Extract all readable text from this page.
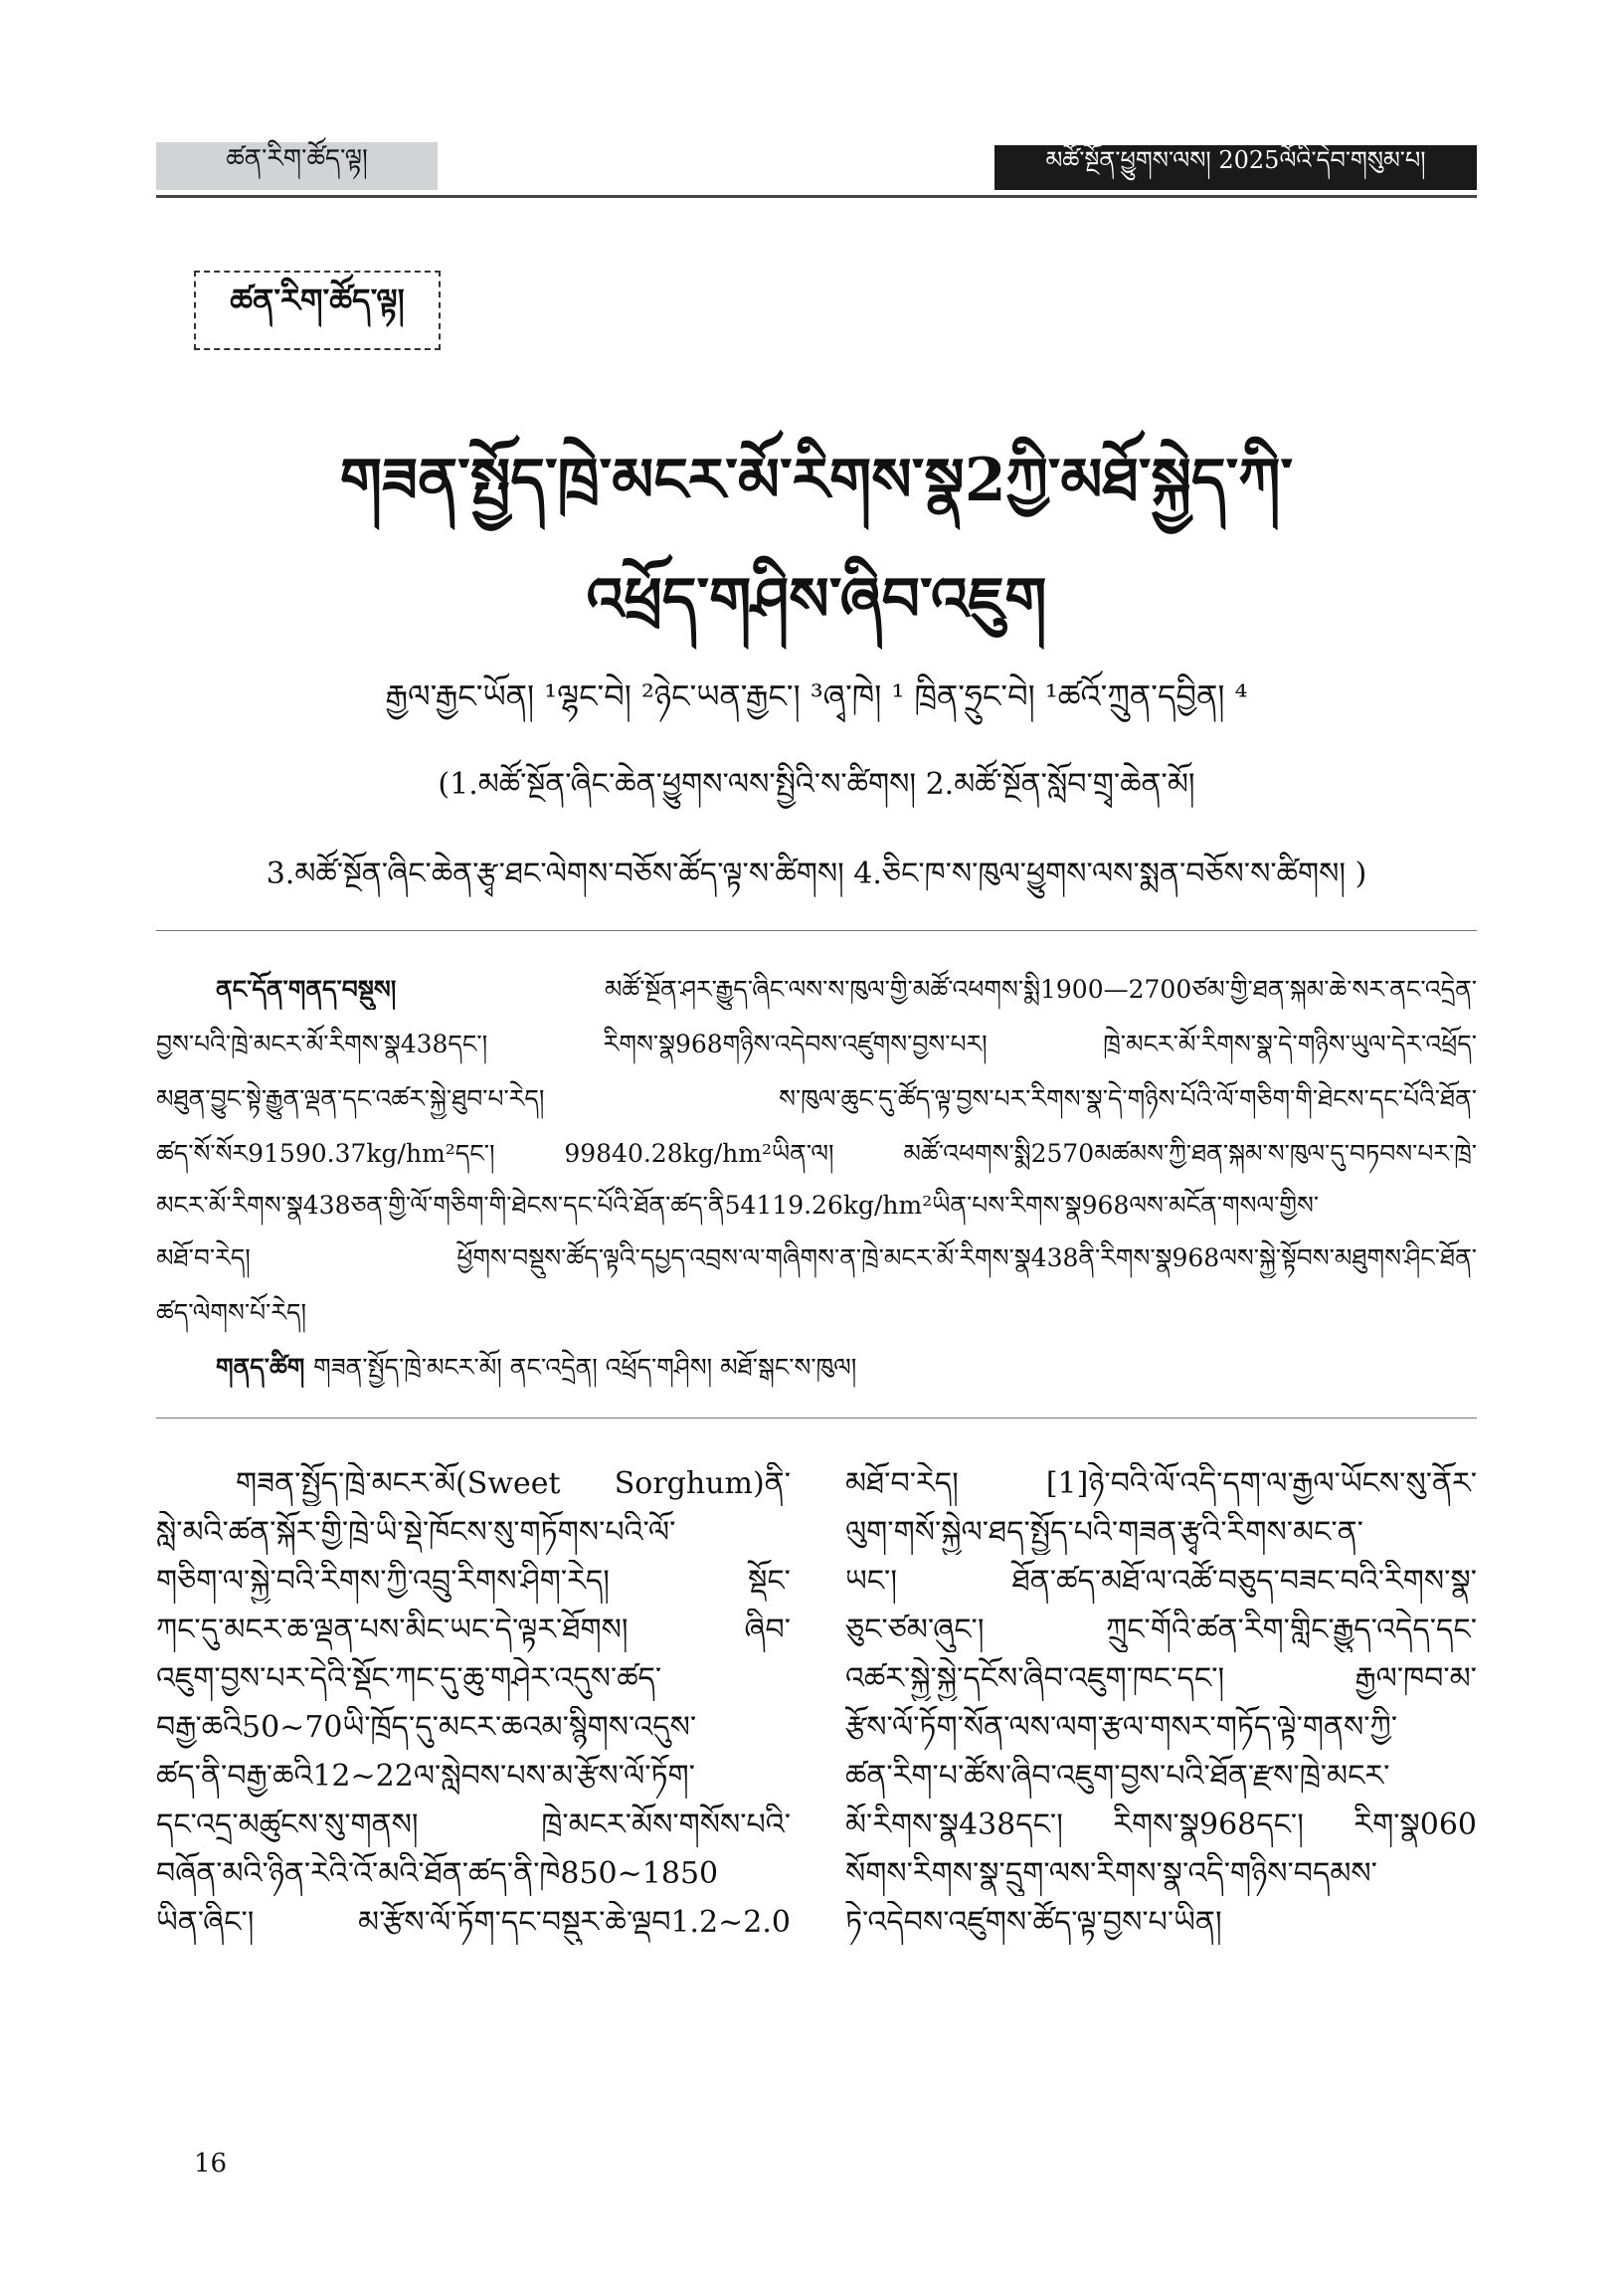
ཚན་རིག་ཚོད་ལྟ།	མཚོ་སྔོན་ཕྱུགས་ལས། 2025ལོའི་དེབ་གསུམ་པ།
ཚན་རིག་ཚོད་ལྟ།
གཟན་སྤྱོད་ཁྲེ་མངར་མོ་རིགས་སྣ2ཀྱི་མཐོ་སྐྱེད་ཀི་
འཕྲོད་གཤིས་ཞིབ་འཇུག
རྒྱལ་རྒྱང་ཡོན། ¹ལྷང་བེ། ²ཉེང་ཡན་རྒྱང་། ³ཞྭ་ཁེ། ¹ ཁྲིན་ཧྲུང་བེ། ¹ཚའོ་ཀྲུན་དབྱིན། ⁴
(1.མཚོ་སྔོན་ཞིང་ཆེན་ཕྱུགས་ལས་སྤྱིའི་ས་ཚིགས། 2.མཚོ་སྔོན་སློབ་གྲྭ་ཆེན་མོ།
3.མཚོ་སྔོན་ཞིང་ཆེན་རྩྭ་ཐང་ལེགས་བཅོས་ཚོད་ལྟ་ས་ཚིགས། 4.ཅིང་ཁ་ས་ཁུལ་ཕྱུགས་ལས་སྨན་བཅོས་ས་ཚིགས། )
ནང་དོན་གནད་བསྡུས། མཚོ་སྔོན་ཤར་རྒྱུད་ཞིང་ལས་ས་ཁུལ་གྱི་མཚོ་འཕགས་སྨི1900—2700ཙམ་གྱི་ཐན་སྐམ་ཆེ་སར་ནང་འདྲེན་
བྱས་པའི་ཁྲེ་མངར་མོ་རིགས་སྣ438དང་། རིགས་སྣ968གཉིས་འདེབས་འཛུགས་བྱས་པར། ཁྲེ་མངར་མོ་རིགས་སྣ་དེ་གཉིས་ཡུལ་དེར་འཕྲོད་
མཐུན་བྱུང་སྟེ་རྒྱུན་ལྡན་དང་འཚར་སྐྱེ་ཐུབ་པ་རེད། ས་ཁུལ་ཆུང་དུ་ཚོད་ལྟ་བྱས་པར་རིགས་སྣ་དེ་གཉིས་པོའི་ལོ་གཅིག་གི་ཐེངས་དང་པོའི་ཐོན་
ཚད་སོ་སོར91590.37kg/hm²དང་། 99840.28kg/hm²ཡིན་ལ། མཚོ་འཕགས་སྨི2570མཚམས་ཀྱི་ཐན་སྐམ་ས་ཁུལ་དུ་བཏབས་པར་ཁྲེ་
མངར་མོ་རིགས་སྣ438ཅན་གྱི་ལོ་གཅིག་གི་ཐེངས་དང་པོའི་ཐོན་ཚད་ནི54119.26kg/hm²ཡིན་པས་རིགས་སྣ968ལས་མངོན་གསལ་གྱིས་
མཐོ་བ་རེད། ཕྱོགས་བསྡུས་ཚོད་ལྟའི་དཔྱད་འབྲས་ལ་གཞིགས་ན་ཁྲེ་མངར་མོ་རིགས་སྣ438ནི་རིགས་སྣ968ལས་སྐྱེ་སྟོབས་མཐུགས་ཤིང་ཐོན་
ཚད་ལེགས་པོ་རེད།
གནད་ཚིག གཟན་སྤྱོད་ཁྲེ་མངར་མོ། ནང་འདྲེན། འཕྲོད་གཤིས། མཐོ་སྒང་ས་ཁུལ།
གཟན་སྤྱོད་ཁྲེ་མངར་མོ(Sweet Sorghum)ནི་
སླེ་མའི་ཚན་སྐོར་གྱི་ཁྲེ་ཡི་སྡེ་ཁོངས་སུ་གཏོགས་པའི་ལོ་
གཅིག་ལ་སྐྱེ་བའི་རིགས་ཀྱི་འབྲུ་རིགས་ཤིག་རེད། སྡོང་
ཀང་དུ་མངར་ཆ་ལྡན་པས་མིང་ཡང་དེ་ལྟར་ཐོགས། ཞིབ་
འཇུག་བྱས་པར་དེའི་སྡོང་ཀང་དུ་ཆུ་གཤེར་འདུས་ཚད་
བརྒྱ་ཆའི50~70ཡི་ཁྲོད་དུ་མངར་ཆའམ་སྙིགས་འདུས་
ཚད་ནི་བརྒྱ་ཆའི12~22ལ་སླེབས་པས་མ་རྩོས་ལོ་ཏོག་
དང་འདྲ་མཚུངས་སུ་གནས། ཁྲེ་མངར་མོས་གསོས་པའི་
བཞོན་མའི་ཉིན་རེའི་འོ་མའི་ཐོན་ཚད་ནི་ཁེ850~1850
ཡིན་ཞིང་། མ་རྩོས་ལོ་ཏོག་དང་བསྡུར་ཆེ་ལྡབ1.2~2.0
མཐོ་བ་རེད། [1]ཉེ་བའི་ལོ་འདི་དག་ལ་རྒྱལ་ཡོངས་སུ་ནོར་
ལུག་གསོ་སྐྱེལ་ཐད་སྤྱོད་པའི་གཟན་རྩྭའི་རིགས་མང་ན་
ཡང་། ཐོན་ཚད་མཐོ་ལ་འཚོ་བཅུད་བཟང་བའི་རིགས་སྣ་
ཅུང་ཙམ་ཞུང་། ཀྲུང་གོའི་ཚན་རིག་གླིང་རྒྱུད་འདེད་དང་
འཚར་སྐྱེ་སྐྱེ་དངོས་ཞིབ་འཇུག་ཁང་དང་། རྒྱལ་ཁབ་མ་
རྩོས་ལོ་ཏོག་སོན་ལས་ལག་རྩལ་གསར་གཏོད་ལྟེ་གནས་ཀྱི་
ཚན་རིག་པ་ཚོས་ཞིབ་འཇུག་བྱས་པའི་ཐོན་རྫས་ཁྲེ་མངར་
མོ་རིགས་སྣ438དང་། རིགས་སྣ968དང་། རིག་སྣ060
སོགས་རིགས་སྣ་དྲུག་ལས་རིགས་སྣ་འདི་གཉིས་བདམས་
ཏེ་འདེབས་འཛུགས་ཚོད་ལྟ་བྱས་པ་ཡིན།
16
